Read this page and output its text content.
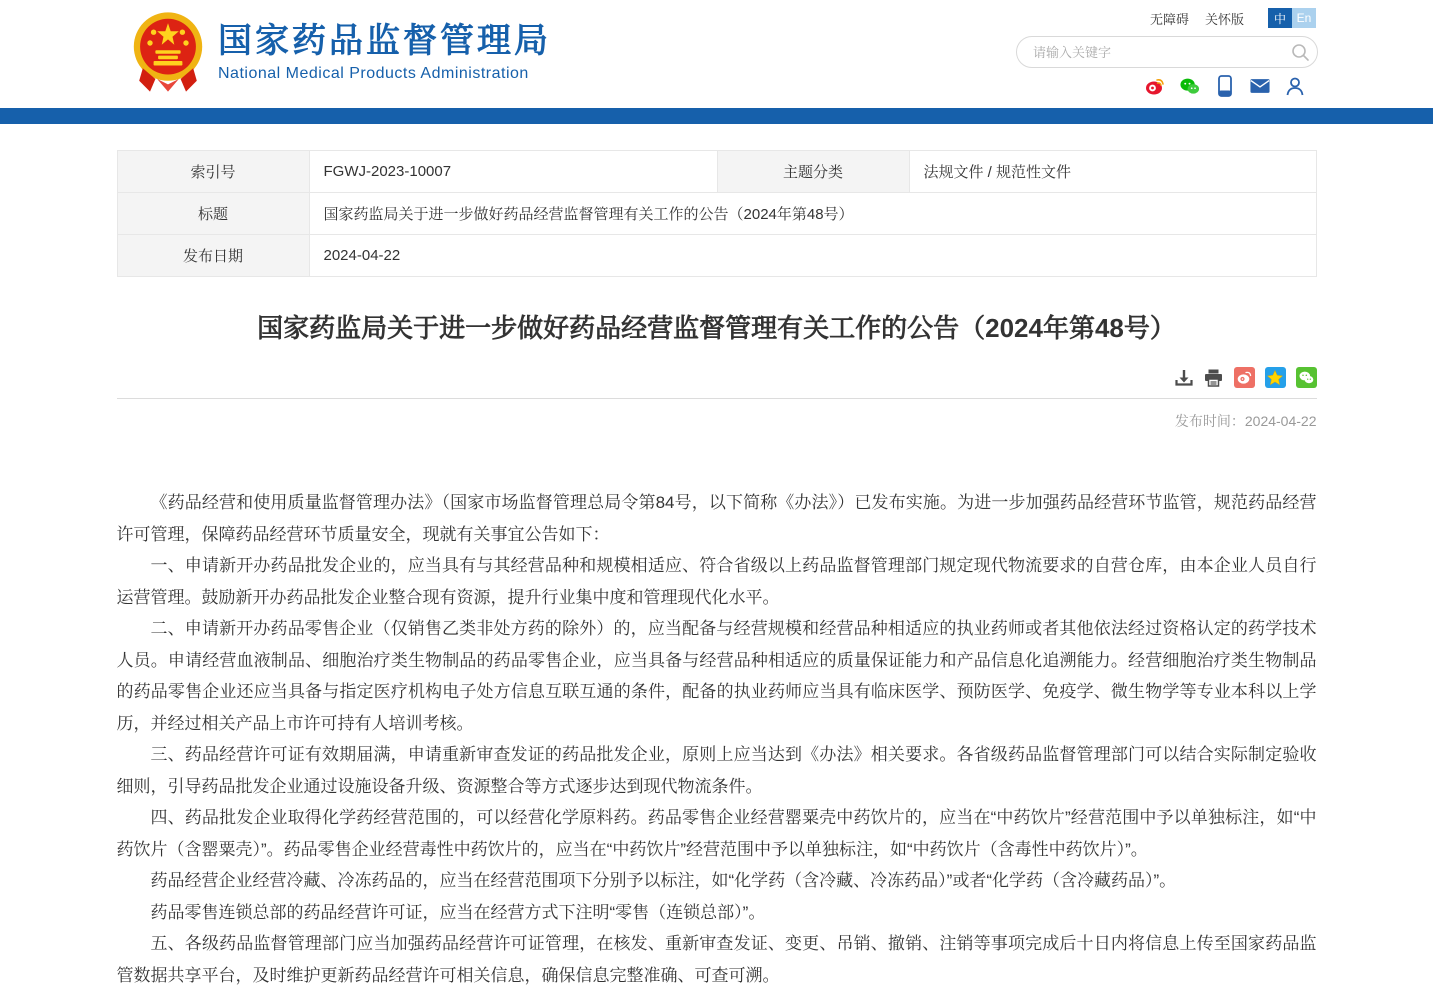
国家药品监督管理局
National Medical Products Administration
无障碍 关怀版	中 En
请输入关键字
索引号	FGWJ-2023-10007	主题分类	法规文件 / 规范性文件
标题	国家药监局关于进一步做好药品经营监督管理有关工作的公告（2024年第48号）		
发布日期	2024-04-22		
国家药监局关于进一步做好药品经营监督管理有关工作的公告（2024年第48号）
发布时间：2024-04-22

《药品经营和使用质量监督管理办法》（国家市场监督管理总局令第84号，以下简称《办法》）已发布实施。为进一步加强药品经营环节监管，规范药品经营许可管理，保障药品经营环节质量安全，现就有关事宜公告如下：

一、申请新开办药品批发企业的，应当具有与其经营品种和规模相适应、符合省级以上药品监督管理部门规定现代物流要求的自营仓库，由本企业人员自行运营管理。鼓励新开办药品批发企业整合现有资源，提升行业集中度和管理现代化水平。

二、申请新开办药品零售企业（仅销售乙类非处方药的除外）的，应当配备与经营规模和经营品种相适应的执业药师或者其他依法经过资格认定的药学技术人员。申请经营血液制品、细胞治疗类生物制品的药品零售企业，应当具备与经营品种相适应的质量保证能力和产品信息化追溯能力。经营细胞治疗类生物制品的药品零售企业还应当具备与指定医疗机构电子处方信息互联互通的条件，配备的执业药师应当具有临床医学、预防医学、免疫学、微生物学等专业本科以上学历，并经过相关产品上市许可持有人培训考核。

三、药品经营许可证有效期届满，申请重新审查发证的药品批发企业，原则上应当达到《办法》相关要求。各省级药品监督管理部门可以结合实际制定验收细则，引导药品批发企业通过设施设备升级、资源整合等方式逐步达到现代物流条件。

四、药品批发企业取得化学药经营范围的，可以经营化学原料药。药品零售企业经营罂粟壳中药饮片的，应当在“中药饮片”经营范围中予以单独标注，如“中药饮片（含罂粟壳）”。药品零售企业经营毒性中药饮片的，应当在“中药饮片”经营范围中予以单独标注，如“中药饮片（含毒性中药饮片）”。

药品经营企业经营冷藏、冷冻药品的，应当在经营范围项下分别予以标注，如“化学药（含冷藏、冷冻药品）”或者“化学药（含冷藏药品）”。

药品零售连锁总部的药品经营许可证，应当在经营方式下注明“零售（连锁总部）”。

五、各级药品监督管理部门应当加强药品经营许可证管理，在核发、重新审查发证、变更、吊销、撤销、注销等事项完成后十日内将信息上传至国家药品监管数据共享平台，及时维护更新药品经营许可相关信息，确保信息完整准确、可查可溯。
